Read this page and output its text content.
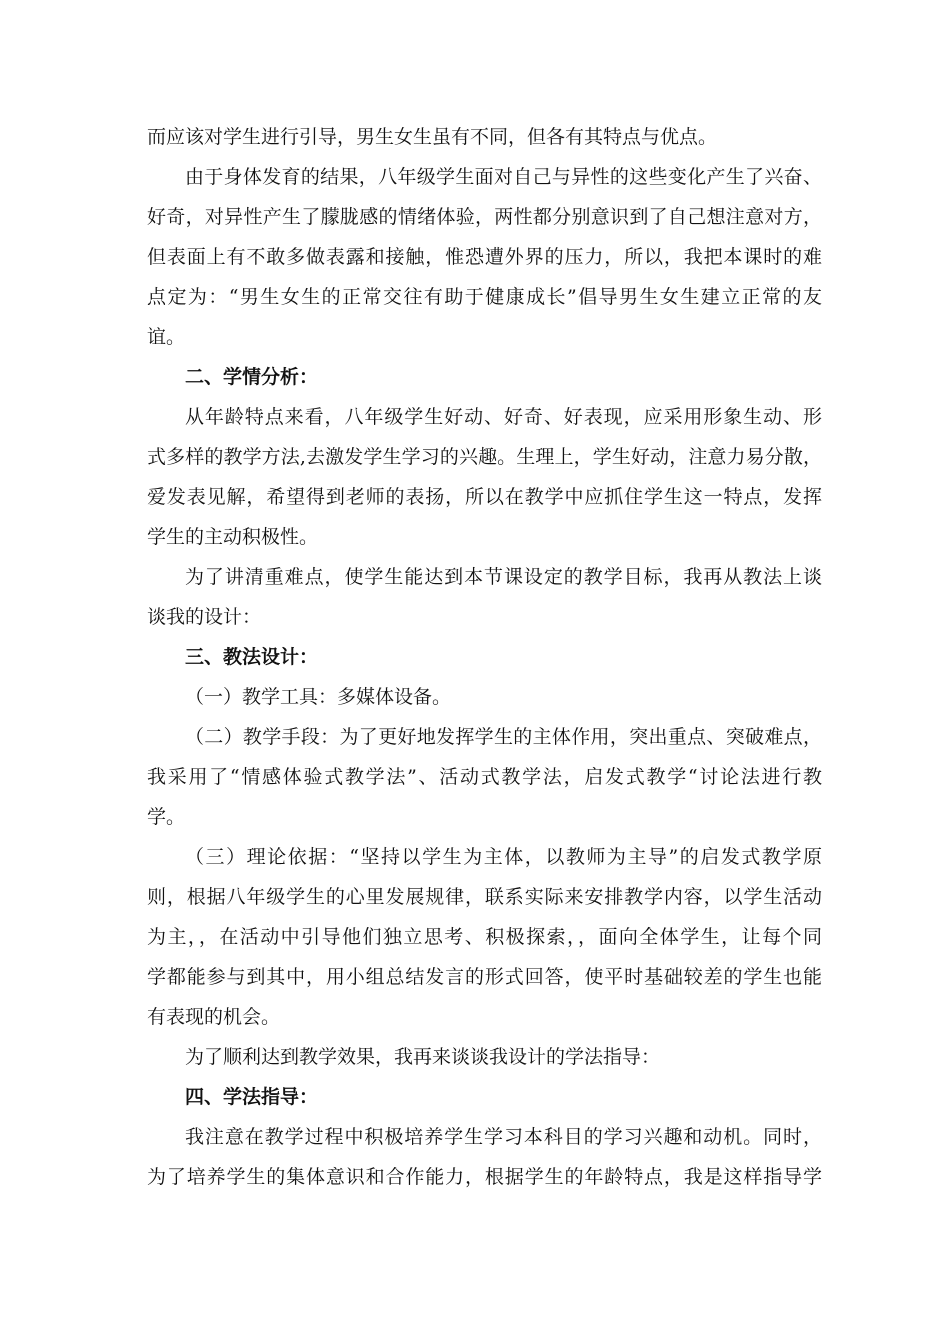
而应该对学生进行引导，男生女生虽有不同，但各有其特点与优点。
由于身体发育的结果，八年级学生面对自己与异性的这些变化产生了兴奋、
好奇，对异性产生了朦胧感的情绪体验，两性都分别意识到了自己想注意对方，
但表面上有不敢多做表露和接触，惟恐遭外界的压力，所以，我把本课时的难
点定为：“男生女生的正常交往有助于健康成长”倡导男生女生建立正常的友
谊。
二、学情分析：
从年龄特点来看，八年级学生好动、好奇、好表现，应采用形象生动、形
式多样的教学方法,去激发学生学习的兴趣。生理上，学生好动，注意力易分散，
爱发表见解，希望得到老师的表扬，所以在教学中应抓住学生这一特点，发挥
学生的主动积极性。
为了讲清重难点，使学生能达到本节课设定的教学目标，我再从教法上谈
谈我的设计：
三、教法设计：
（一）教学工具：多媒体设备。
（二）教学手段：为了更好地发挥学生的主体作用，突出重点、突破难点，
我采用了“情感体验式教学法”、活动式教学法，启发式教学“讨论法进行教
学。
（三）理论依据：“坚持以学生为主体，以教师为主导”的启发式教学原
则，根据八年级学生的心里发展规律，联系实际来安排教学内容，以学生活动
为主，，在活动中引导他们独立思考、积极探索，，面向全体学生，让每个同
学都能参与到其中，用小组总结发言的形式回答，使平时基础较差的学生也能
有表现的机会。
为了顺利达到教学效果，我再来谈谈我设计的学法指导：
四、学法指导：
我注意在教学过程中积极培养学生学习本科目的学习兴趣和动机。同时，
为了培养学生的集体意识和合作能力，根据学生的年龄特点，我是这样指导学
